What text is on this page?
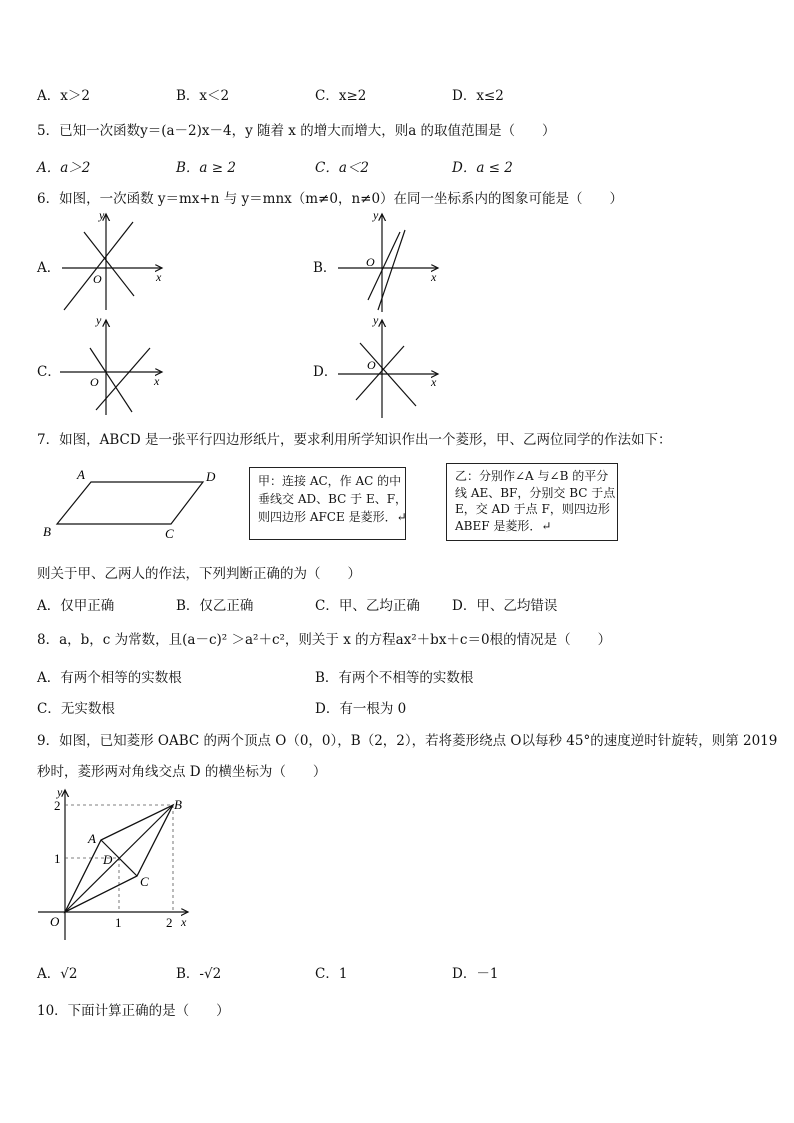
A．x＞2	B．x＜2	C．x≥2	D．x≤2
5．已知一次函数y＝(a－2)x－4，y 随着 x 的增大而增大，则a 的取值范围是（　　）
A．a＞2	B．a ≥ 2	C．a＜2	D．a ≤ 2
6．如图，一次函数 y＝mx+n 与 y＝mnx（m≠0，n≠0）在同一坐标系内的图象可能是（　　）
A．	B．
C．	D．
x
y
O	x
y
O
x
y
O	x
y
O
7．如图，ABCD 是一张平行四边形纸片，要求利用所学知识作出一个菱形，甲、乙两位同学的作法如下：
A	D
B	C
甲：连接 AC，作 AC 的中
垂线交 AD、BC 于 E、F，
则四边形 AFCE 是菱形．↵
乙：分别作∠A 与∠B 的平分
线 AE、BF，分别交 BC 于点
E，交 AD 于点 F，则四边形
ABEF 是菱形．↵
则关于甲、乙两人的作法，下列判断正确的为（　　）
A．仅甲正确	B．仅乙正确	C．甲、乙均正确 D．甲、乙均错误
8．a，b，c 为常数，且(a－c)² ＞a²＋c²，则关于 x 的方程ax²＋bx＋c＝0根的情况是（　　）
A．有两个相等的实数根	B．有两个不相等的实数根
C．无实数根	D．有一根为 0
9．如图，已知菱形 OABC 的两个顶点 O（0，0），B（2，2），若将菱形绕点 O以每秒 45°的速度逆时针旋转，则第 2019
秒时，菱形两对角线交点 D 的横坐标为（　　）
y
x
O
A
B
C
D
1	2
1
2
A．√2	B．-√2	C．1	D．－1
10．下面计算正确的是（　　）
